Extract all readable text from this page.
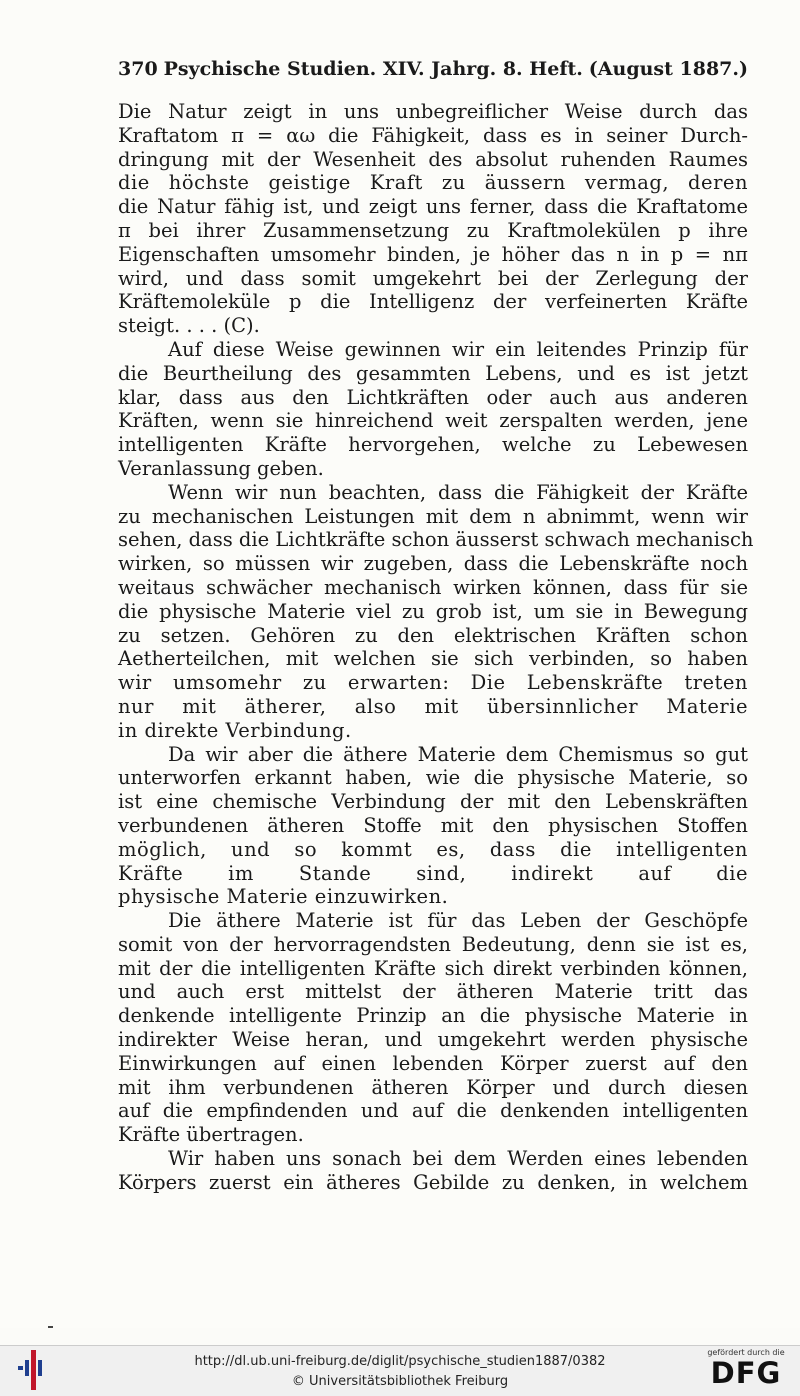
370 Psychische Studien. XIV. Jahrg. 8. Heft. (August 1887.)
Die Natur zeigt in uns unbegreiflicher Weise durch das
Kraftatom π = αω die Fähigkeit, dass es in seiner Durch-
dringung mit der Wesenheit des absolut ruhenden Raumes
die höchste geistige Kraft zu äussern vermag, deren
die Natur fähig ist, und zeigt uns ferner, dass die Kraftatome
π bei ihrer Zusammensetzung zu Kraftmolekülen p ihre
Eigenschaften umsomehr binden, je höher das n in p = nπ
wird, und dass somit umgekehrt bei der Zerlegung der
Kräftemoleküle p die Intelligenz der verfeinerten Kräfte
steigt. . . . (C).
Auf diese Weise gewinnen wir ein leitendes Prinzip für
die Beurtheilung des gesammten Lebens, und es ist jetzt
klar, dass aus den Lichtkräften oder auch aus anderen
Kräften, wenn sie hinreichend weit zerspalten werden, jene
intelligenten Kräfte hervorgehen, welche zu Lebewesen
Veranlassung geben.
Wenn wir nun beachten, dass die Fähigkeit der Kräfte
zu mechanischen Leistungen mit dem n abnimmt, wenn wir
sehen, dass die Lichtkräfte schon äusserst schwach mechanisch
wirken, so müssen wir zugeben, dass die Lebenskräfte noch
weitaus schwächer mechanisch wirken können, dass für sie
die physische Materie viel zu grob ist, um sie in Bewegung
zu setzen. Gehören zu den elektrischen Kräften schon
Aetherteilchen, mit welchen sie sich verbinden, so haben
wir umsomehr zu erwarten: Die Lebenskräfte treten
nur mit ätherer, also mit übersinnlicher Materie
in direkte Verbindung.
Da wir aber die äthere Materie dem Chemismus so gut
unterworfen erkannt haben, wie die physische Materie, so
ist eine chemische Verbindung der mit den Lebenskräften
verbundenen ätheren Stoffe mit den physischen Stoffen
möglich, und so kommt es, dass die intelligenten
Kräfte im Stande sind, indirekt auf die
physische Materie einzuwirken.
Die äthere Materie ist für das Leben der Geschöpfe
somit von der hervorragendsten Bedeutung, denn sie ist es,
mit der die intelligenten Kräfte sich direkt verbinden können,
und auch erst mittelst der ätheren Materie tritt das
denkende intelligente Prinzip an die physische Materie in
indirekter Weise heran, und umgekehrt werden physische
Einwirkungen auf einen lebenden Körper zuerst auf den
mit ihm verbundenen ätheren Körper und durch diesen
auf die empfindenden und auf die denkenden intelligenten
Kräfte übertragen.
Wir haben uns sonach bei dem Werden eines lebenden
Körpers zuerst ein ätheres Gebilde zu denken, in welchem
http://dl.ub.uni-freiburg.de/diglit/psychische_studien1887/0382
© Universitätsbibliothek Freiburg
gefördert durch die
DFG
